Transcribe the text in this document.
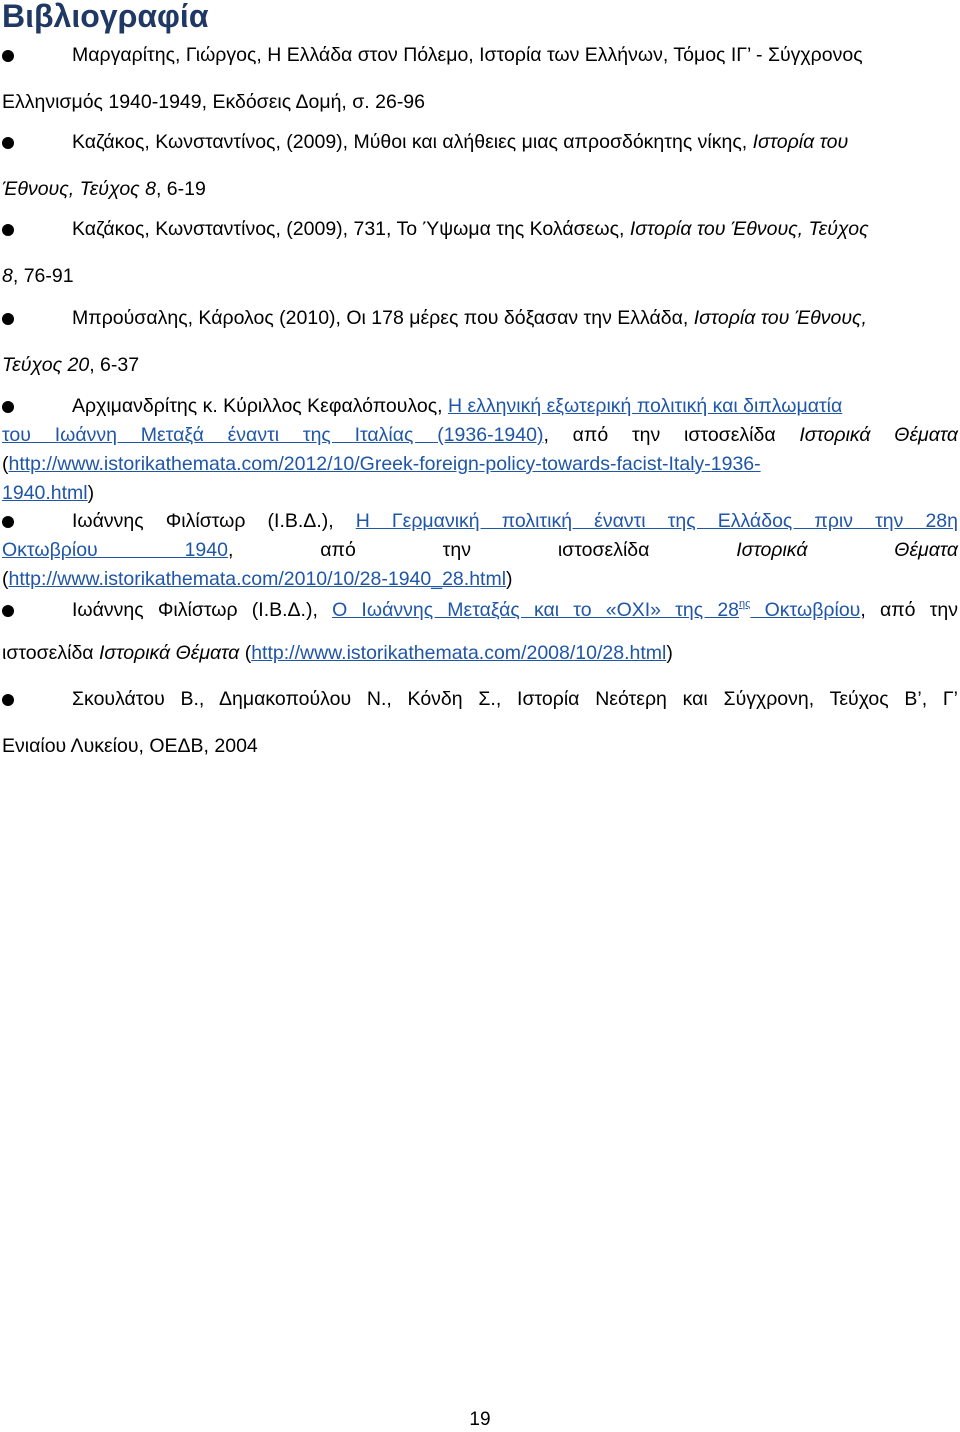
Βιβλιογραφία
Μαργαρίτης, Γιώργος, Η Ελλάδα στον Πόλεμο, Ιστορία των Ελλήνων, Τόμος ΙΓ’ - Σύγχρονος
Ελληνισμός 1940-1949, Εκδόσεις Δομή, σ. 26-96
Καζάκος, Κωνσταντίνος, (2009), Μύθοι και αλήθειες μιας απροσδόκητης νίκης, Ιστορία του
Έθνους, Τεύχος 8, 6-19
Καζάκος, Κωνσταντίνος, (2009), 731, Το Ύψωμα της Κολάσεως, Ιστορία του Έθνους, Τεύχος
8, 76-91
Μπρούσαλης, Κάρολος (2010), Οι 178 μέρες που δόξασαν την Ελλάδα, Ιστορία του Έθνους,
Τεύχος 20, 6-37
Αρχιμανδρίτης κ. Κύριλλος Κεφαλόπουλος, Η ελληνική εξωτερική πολιτική και διπλωματία
του Ιωάννη Μεταξά έναντι της Ιταλίας (1936-1940), από την ιστοσελίδα Ιστορικά Θέματα
(http://www.istorikathemata.com/2012/10/Greek-foreign-policy-towards-facist-Italy-1936-
1940.html)
Ιωάννης Φιλίστωρ (Ι.Β.Δ.), Η Γερμανική πολιτική έναντι της Ελλάδος πριν την 28η
Οκτωβρίου 1940, από την ιστοσελίδα Ιστορικά Θέματα
(http://www.istorikathemata.com/2010/10/28-1940_28.html)
Ιωάννης Φιλίστωρ (Ι.Β.Δ.), Ο Ιωάννης Μεταξάς και το «ΟΧΙ» της $28^{\eta\varsigma}$ Οκτωβρίου, από την
ιστοσελίδα Ιστορικά Θέματα (http://www.istorikathemata.com/2008/10/28.html)
Σκουλάτου Β., Δημακοπούλου Ν., Κόνδη Σ., Ιστορία Νεότερη και Σύγχρονη, Τεύχος Β’, Γ’
Ενιαίου Λυκείου, ΟΕΔΒ, 2004
19
